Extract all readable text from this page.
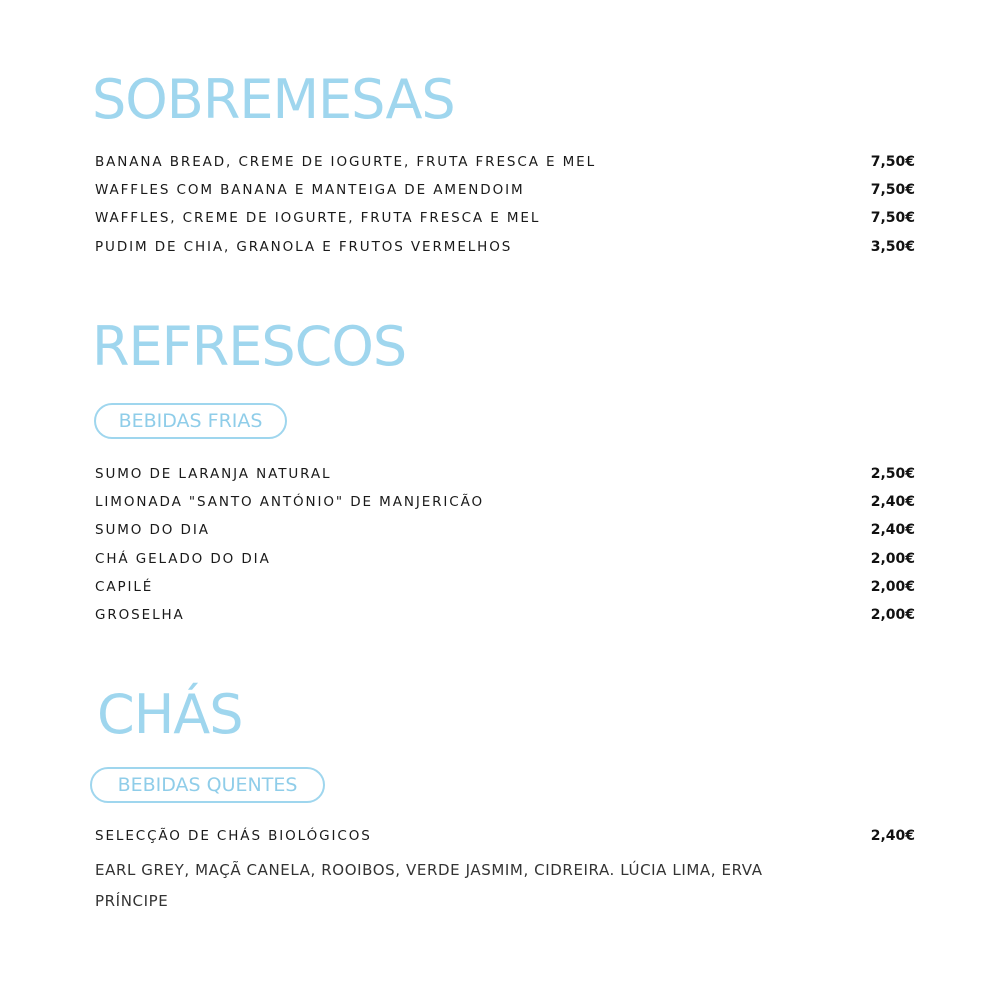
SOBREMESAS
BANANA BREAD, CREME DE IOGURTE, FRUTA FRESCA E MEL	7,50€
WAFFLES COM BANANA E MANTEIGA DE AMENDOIM	7,50€
WAFFLES, CREME DE IOGURTE, FRUTA FRESCA E MEL	7,50€
PUDIM DE CHIA, GRANOLA E FRUTOS VERMELHOS	3,50€
REFRESCOS
BEBIDAS FRIAS
SUMO DE LARANJA NATURAL	2,50€
LIMONADA "SANTO ANTÓNIO" DE MANJERICÃO	2,40€
SUMO DO DIA	2,40€
CHÁ GELADO DO DIA	2,00€
CAPILÉ	2,00€
GROSELHA	2,00€
CHÁS
BEBIDAS QUENTES
SELECÇÃO DE CHÁS BIOLÓGICOS	2,40€

EARL GREY, MAÇÃ CANELA, ROOIBOS, VERDE JASMIM, CIDREIRA. LÚCIA LIMA, ERVA PRÍNCIPE
